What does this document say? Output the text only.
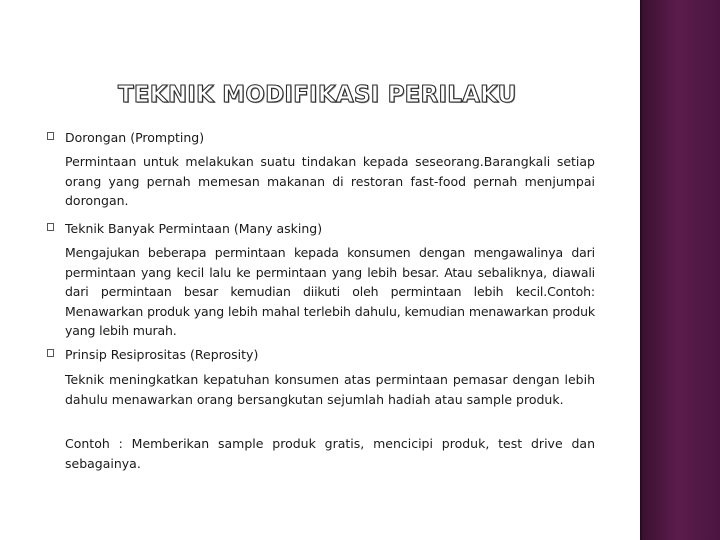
TEKNIK MODIFIKASI PERILAKU
Dorongan (Prompting)
Permintaan untuk melakukan suatu tindakan kepada seseorang.Barangkali setiap orang yang pernah memesan makanan di restoran fast-food pernah menjumpai dorongan.
Teknik Banyak Permintaan (Many asking)
Mengajukan beberapa permintaan kepada konsumen dengan mengawalinya dari permintaan yang kecil lalu ke permintaan yang lebih besar. Atau sebaliknya, diawali dari permintaan besar kemudian diikuti oleh permintaan lebih kecil.Contoh: Menawarkan produk yang lebih mahal terlebih dahulu, kemudian menawarkan produk yang lebih murah.
Prinsip Resiprositas (Reprosity)
Teknik meningkatkan kepatuhan konsumen atas permintaan pemasar dengan lebih dahulu menawarkan orang bersangkutan sejumlah hadiah atau sample produk.
Contoh : Memberikan sample produk gratis, mencicipi produk, test drive dan sebagainya.
